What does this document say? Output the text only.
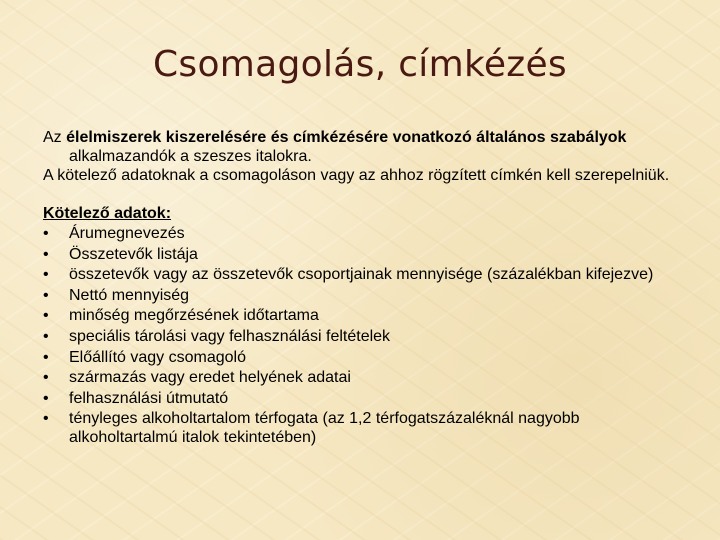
Csomagolás, címkézés

Az élelmiszerek kiszerelésére és címkézésére vonatkozó általános szabályok alkalmazandók a szeszes italokra.

A kötelező adatoknak a csomagoláson vagy az ahhoz rögzített címkén kell szerepelniük.

Kötelező adatok:
•	Árumegnevezés
•	Összetevők listája
•	összetevők vagy az összetevők csoportjainak mennyisége (százalékban kifejezve)
•	Nettó mennyiség
•	minőség megőrzésének időtartama
•	speciális tárolási vagy felhasználási feltételek
•	Előállító vagy csomagoló
•	származás vagy eredet helyének adatai
•	felhasználási útmutató
•	tényleges alkoholtartalom térfogata (az 1,2 térfogatszázaléknál nagyobb alkoholtartalmú italok tekintetében)
